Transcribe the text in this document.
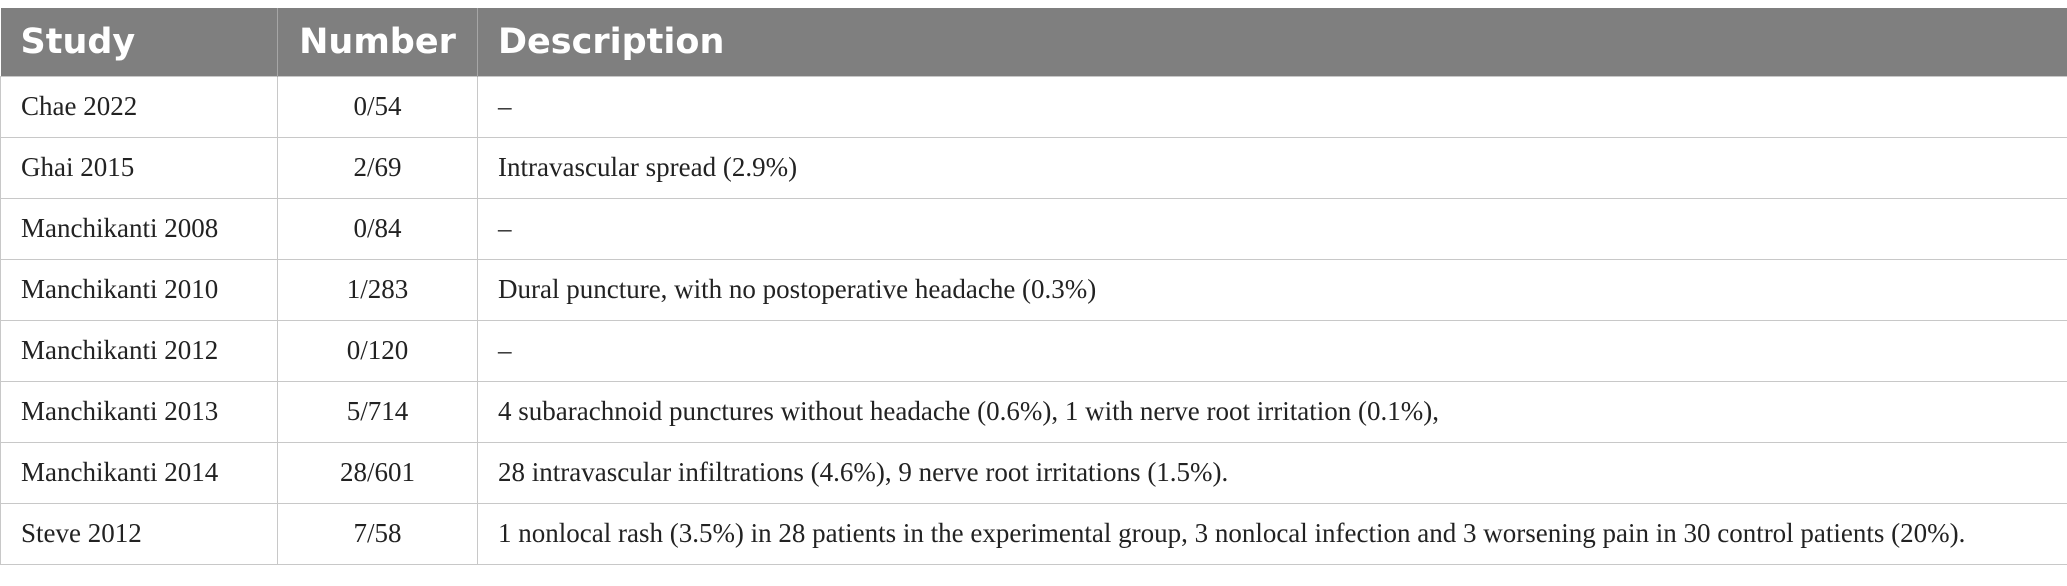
Study	Number	Description
Chae 2022	0/54	–
Ghai 2015	2/69	Intravascular spread (2.9%)
Manchikanti 2008	0/84	–
Manchikanti 2010	1/283	Dural puncture, with no postoperative headache (0.3%)
Manchikanti 2012	0/120	–
Manchikanti 2013	5/714	4 subarachnoid punctures without headache (0.6%), 1 with nerve root irritation (0.1%),
Manchikanti 2014	28/601	28 intravascular infiltrations (4.6%), 9 nerve root irritations (1.5%).
Steve 2012	7/58	1 nonlocal rash (3.5%) in 28 patients in the experimental group, 3 nonlocal infection and 3 worsening pain in 30 control patients (20%).
